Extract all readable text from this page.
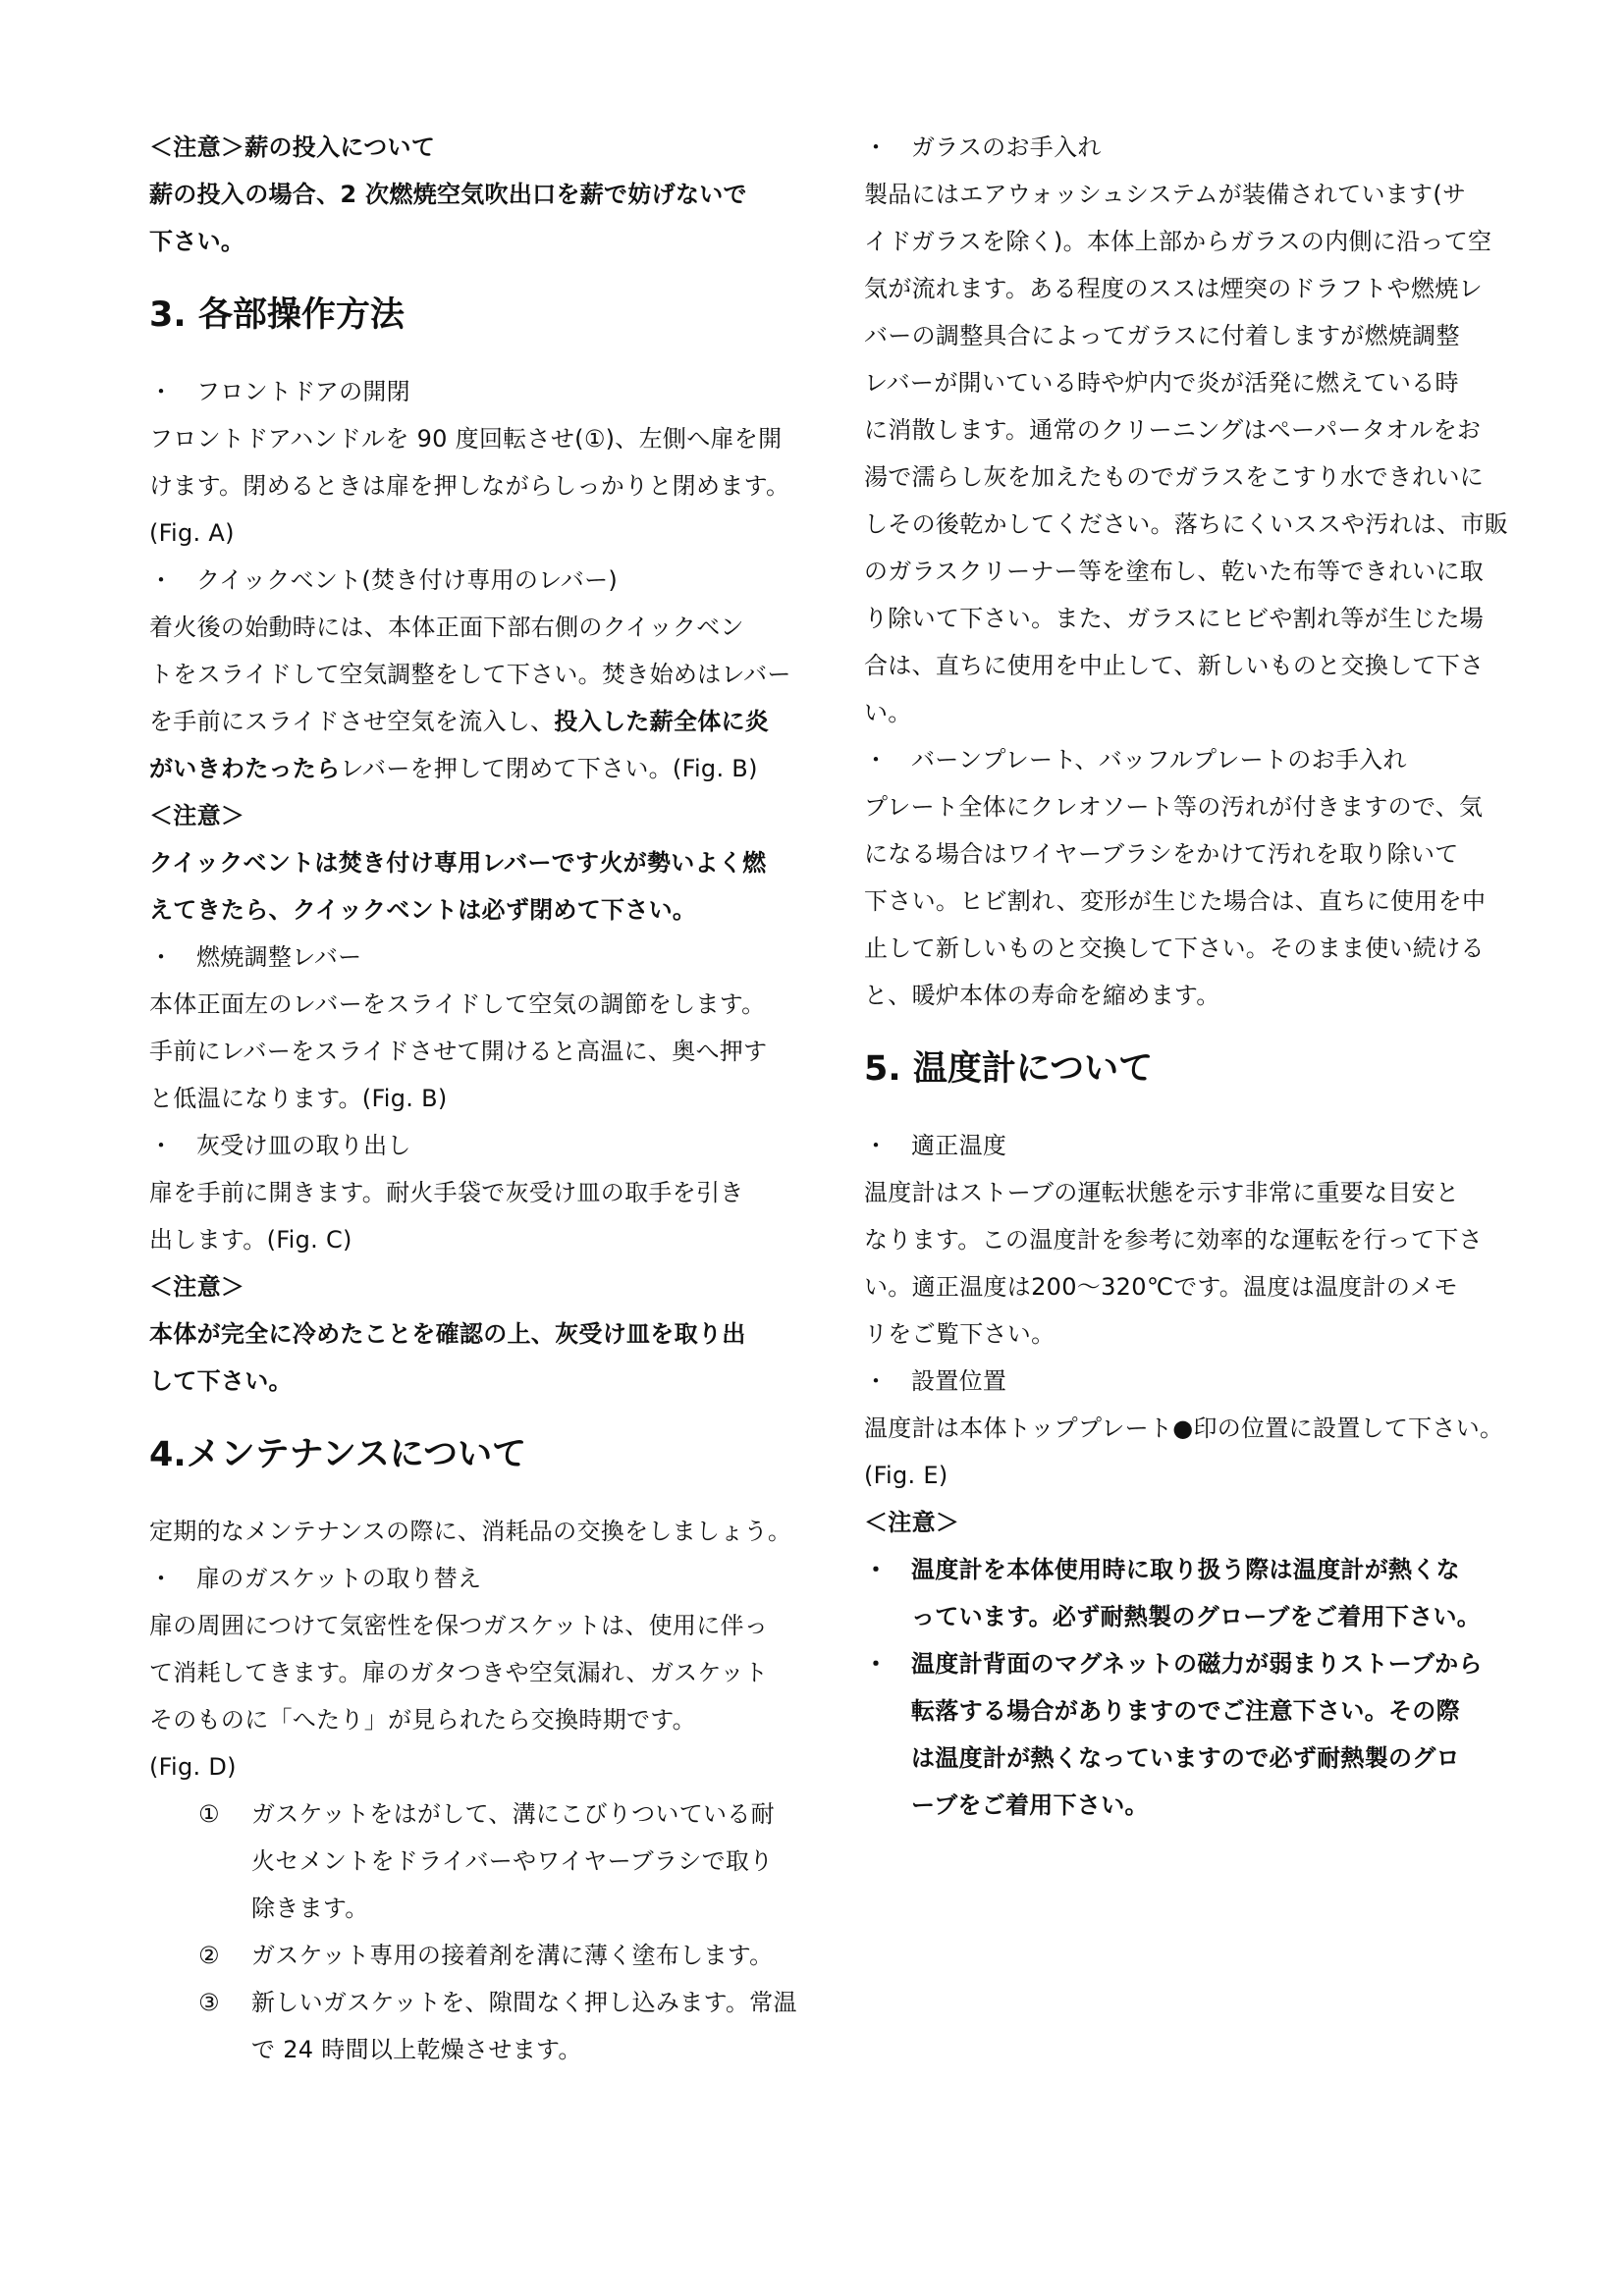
＜注意＞薪の投入について
薪の投入の場合、2 次燃焼空気吹出口を薪で妨げないで
下さい。
3. 各部操作方法
・ フロントドアの開閉
フロントドアハンドルを 90 度回転させ(①)、左側へ扉を開
けます。閉めるときは扉を押しながらしっかりと閉めます。
(Fig. A)
・ クイックベント(焚き付け専用のレバー)
着火後の始動時には、本体正面下部右側のクイックベン
トをスライドして空気調整をして下さい。焚き始めはレバー
を手前にスライドさせ空気を流入し、投入した薪全体に炎
がいきわたったらレバーを押して閉めて下さい。(Fig. B)
＜注意＞
クイックベントは焚き付け専用レバーです火が勢いよく燃
えてきたら、クイックベントは必ず閉めて下さい。
・ 燃焼調整レバー
本体正面左のレバーをスライドして空気の調節をします。
手前にレバーをスライドさせて開けると高温に、奥へ押す
と低温になります。(Fig. B)
・ 灰受け皿の取り出し
扉を手前に開きます。耐火手袋で灰受け皿の取手を引き
出します。(Fig. C)
＜注意＞
本体が完全に冷めたことを確認の上、灰受け皿を取り出
して下さい。
4.メンテナンスについて
定期的なメンテナンスの際に、消耗品の交換をしましょう。
・ 扉のガスケットの取り替え
扉の周囲につけて気密性を保つガスケットは、使用に伴っ
て消耗してきます。扉のガタつきや空気漏れ、ガスケット
そのものに「へたり」が見られたら交換時期です。
(Fig. D)
① ガスケットをはがして、溝にこびりついている耐
火セメントをドライバーやワイヤーブラシで取り
除きます。
② ガスケット専用の接着剤を溝に薄く塗布します。
③ 新しいガスケットを、隙間なく押し込みます。常温
で 24 時間以上乾燥させます。
・ ガラスのお手入れ
製品にはエアウォッシュシステムが装備されています(サ
イドガラスを除く)。本体上部からガラスの内側に沿って空
気が流れます。ある程度のススは煙突のドラフトや燃焼レ
バーの調整具合によってガラスに付着しますが燃焼調整
レバーが開いている時や炉内で炎が活発に燃えている時
に消散します。通常のクリーニングはペーパータオルをお
湯で濡らし灰を加えたものでガラスをこすり水できれいに
しその後乾かしてください。落ちにくいススや汚れは、市販
のガラスクリーナー等を塗布し、乾いた布等できれいに取
り除いて下さい。また、ガラスにヒビや割れ等が生じた場
合は、直ちに使用を中止して、新しいものと交換して下さ
い。
・ バーンプレート、バッフルプレートのお手入れ
プレート全体にクレオソート等の汚れが付きますので、気
になる場合はワイヤーブラシをかけて汚れを取り除いて
下さい。ヒビ割れ、変形が生じた場合は、直ちに使用を中
止して新しいものと交換して下さい。そのまま使い続ける
と、暖炉本体の寿命を縮めます。
5. 温度計について
・ 適正温度
温度計はストーブの運転状態を示す非常に重要な目安と
なります。この温度計を参考に効率的な運転を行って下さ
い。適正温度は200～320℃です。温度は温度計のメモ
リをご覧下さい。
・ 設置位置
温度計は本体トッププレート●印の位置に設置して下さい。
(Fig. E)
＜注意＞
・ 温度計を本体使用時に取り扱う際は温度計が熱くな
っています。必ず耐熱製のグローブをご着用下さい。
・ 温度計背面のマグネットの磁力が弱まりストーブから
転落する場合がありますのでご注意下さい。その際
は温度計が熱くなっていますので必ず耐熱製のグロ
ーブをご着用下さい。
